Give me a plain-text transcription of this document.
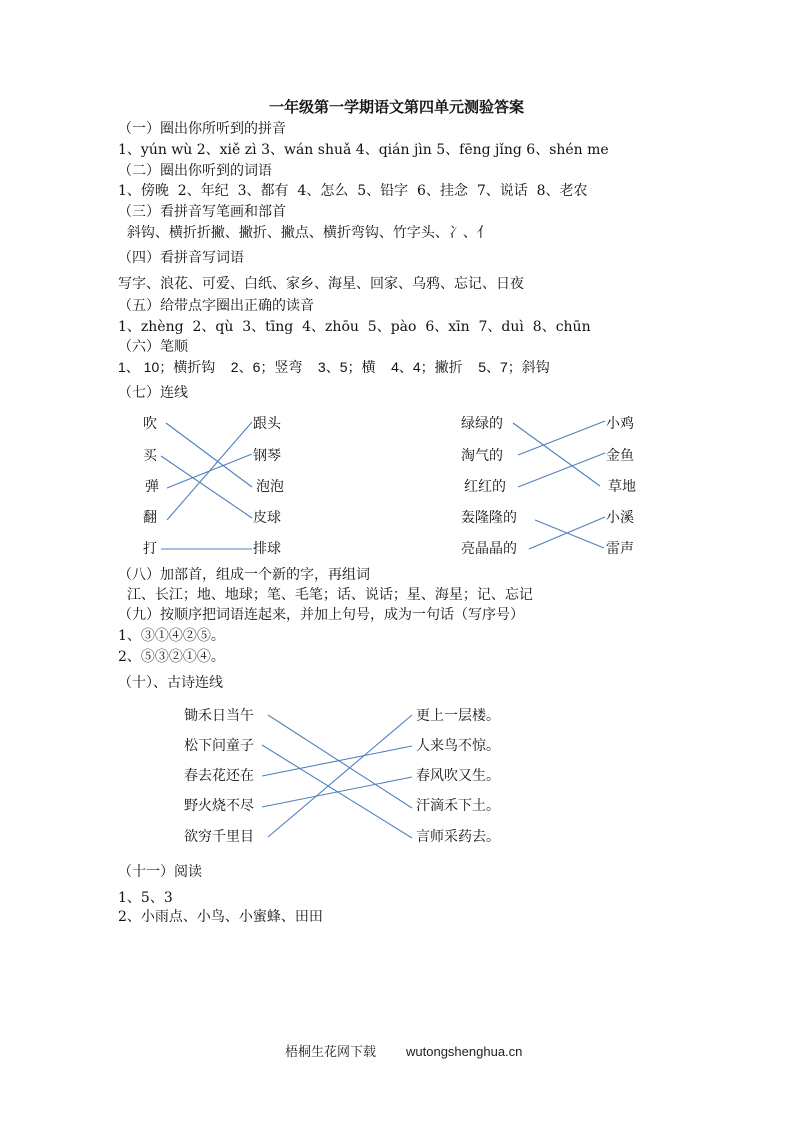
一年级第一学期语文第四单元测验答案
（一）圈出你所听到的拼音
1、yún wù 2、xiě zì 3、wán shuǎ 4、qián jìn 5、fēng jǐng 6、shén me
（二）圈出你听到的词语
1、傍晚  2、年纪  3、都有  4、怎么  5、铅字  6、挂念  7、说话  8、老农
（三）看拼音写笔画和部首
斜钩、横折折撇、撇折、撇点、横折弯钩、竹字头、冫、亻
（四）看拼音写词语
写字、浪花、可爱、白纸、家乡、海星、回家、乌鸦、忘记、日夜
（五）给带点字圈出正确的读音
1、zhèng  2、qù  3、tīng  4、zhōu  5、pào  6、xīn  7、duì  8、chūn
（六）笔顺
1、 10；横折钩    2、6；竖弯    3、5；横    4、4；撇折    5、7；斜钩
（七）连线
吹
买
弹
翻
打
跟头
钢琴
泡泡
皮球
排球
绿绿的
淘气的
红红的
轰隆隆的
亮晶晶的
小鸡
金鱼
草地
小溪
雷声
（八）加部首，组成一个新的字，再组词
江、长江；地、地球；笔、毛笔；话、说话；星、海星；记、忘记
（九）按顺序把词语连起来，并加上句号，成为一句话（写序号）
1、③①④②⑤。
2、⑤③②①④。
（十）、古诗连线
锄禾日当午
松下问童子
春去花还在
野火烧不尽
欲穷千里目
更上一层楼。
人来鸟不惊。
春风吹又生。
汗滴禾下土。
言师采药去。
（十一）阅读
1、5、3
2、小雨点、小鸟、小蜜蜂、田田
梧桐生花网下载 wutongshenghua.cn
